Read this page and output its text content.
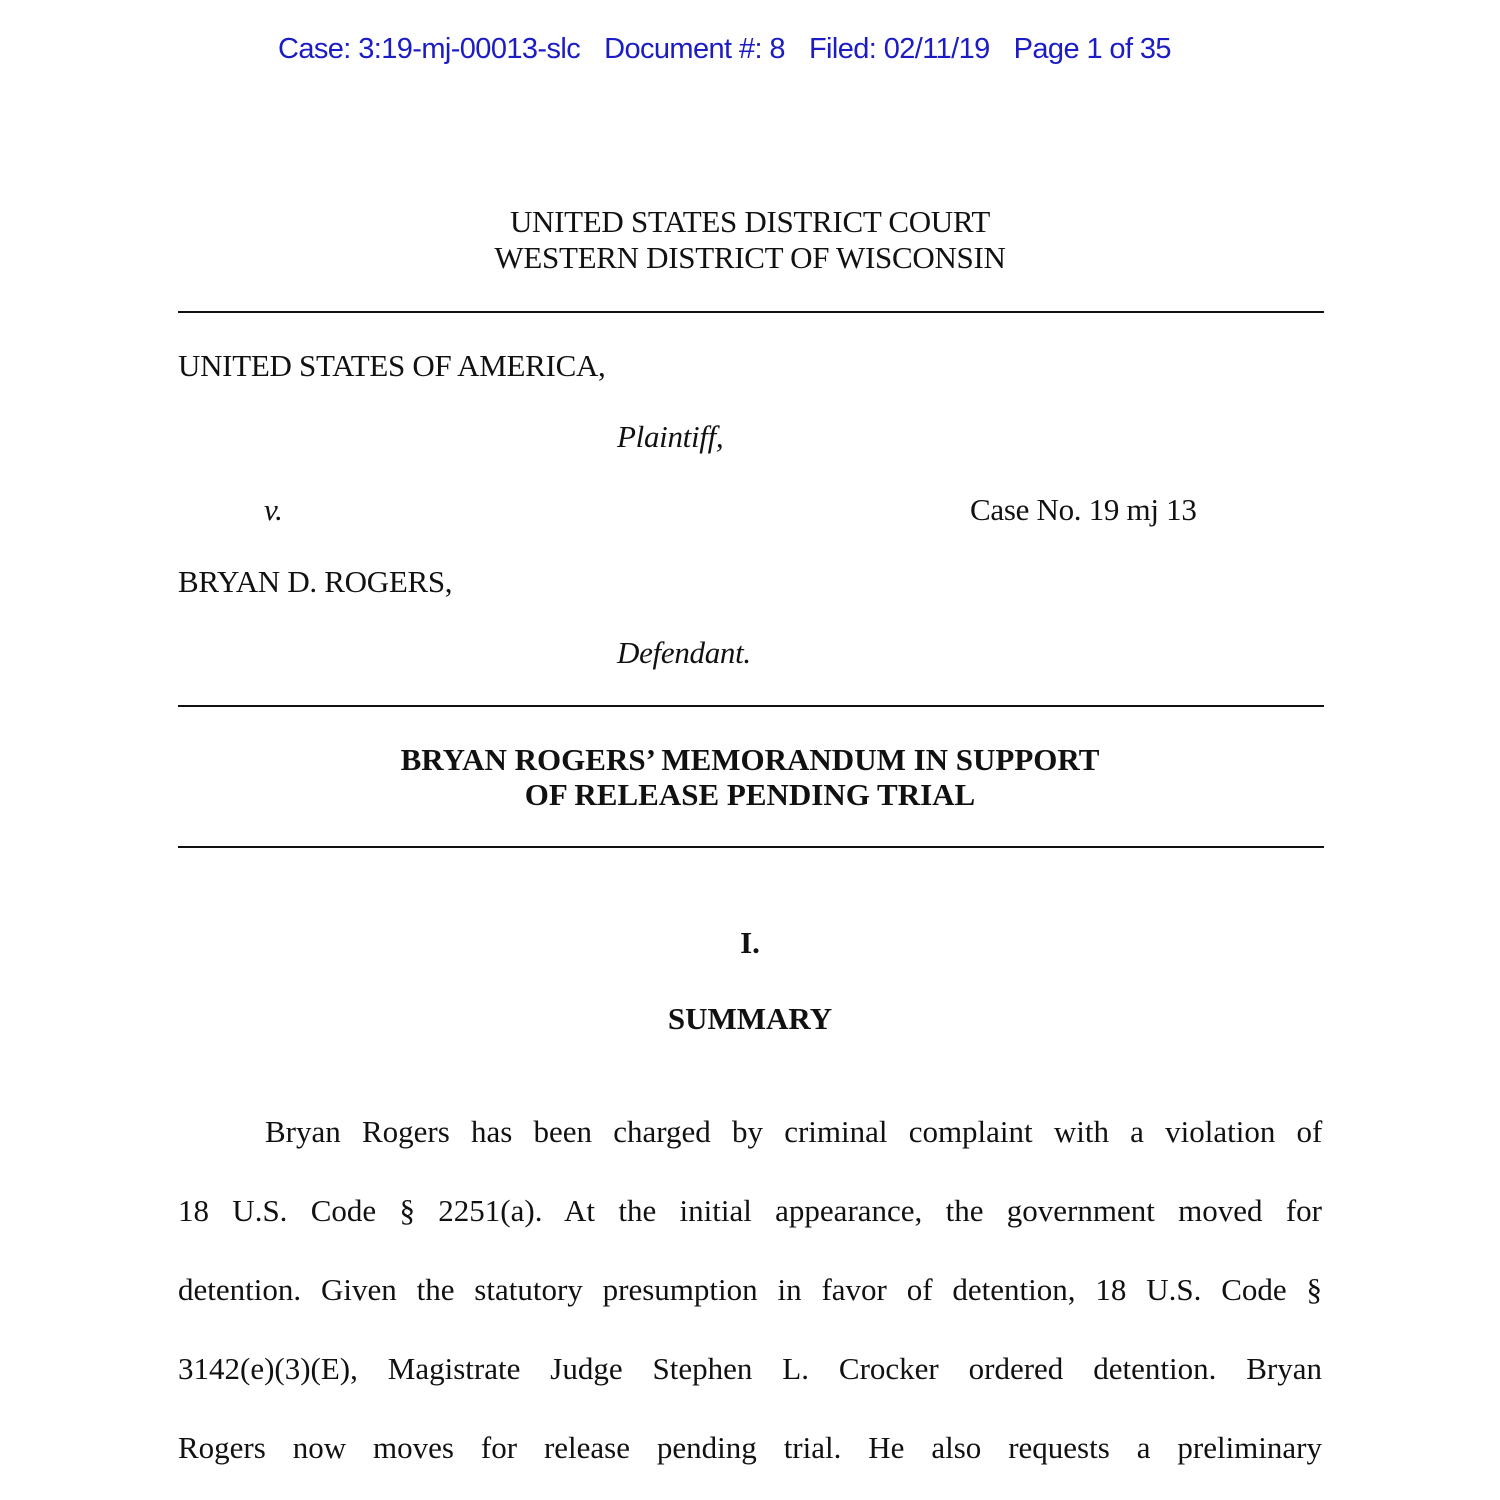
Case: 3:19-mj-00013-slc Document #: 8 Filed: 02/11/19 Page 1 of 35
UNITED STATES DISTRICT COURT
WESTERN DISTRICT OF WISCONSIN
UNITED STATES OF AMERICA,
Plaintiff,
v.	Case No. 19 mj 13
BRYAN D. ROGERS,
Defendant.
BRYAN ROGERS’ MEMORANDUM IN SUPPORT
OF RELEASE PENDING TRIAL
I.
SUMMARY
Bryan Rogers has been charged by criminal complaint with a violation of
18 U.S. Code § 2251(a). At the initial appearance, the government moved for
detention. Given the statutory presumption in favor of detention, 18 U.S. Code §
3142(e)(3)(E), Magistrate Judge Stephen L. Crocker ordered detention. Bryan
Rogers now moves for release pending trial. He also requests a preliminary
